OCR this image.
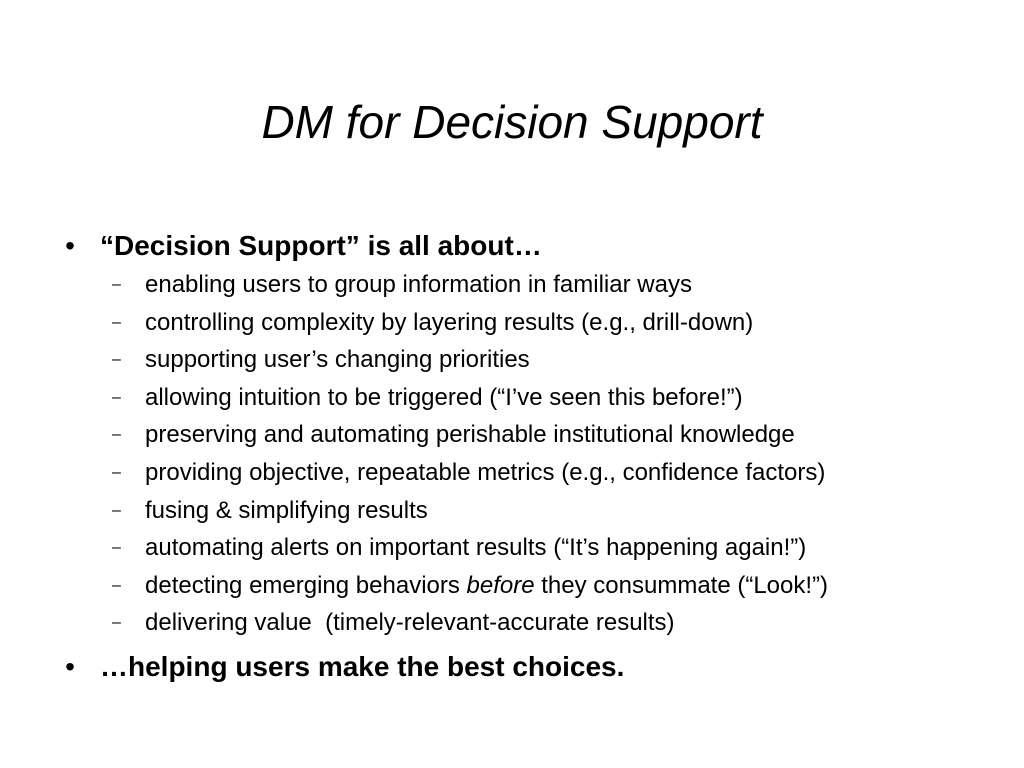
DM for Decision Support
• “Decision Support” is all about…
– enabling users to group information in familiar ways
– controlling complexity by layering results (e.g., drill-down)
– supporting user’s changing priorities
– allowing intuition to be triggered (“I’ve seen this before!”)
– preserving and automating perishable institutional knowledge
– providing objective, repeatable metrics (e.g., confidence factors)
– fusing & simplifying results
– automating alerts on important results (“It’s happening again!”)
– detecting emerging behaviors before they consummate (“Look!”)
– delivering value  (timely-relevant-accurate results)
• …helping users make the best choices.
